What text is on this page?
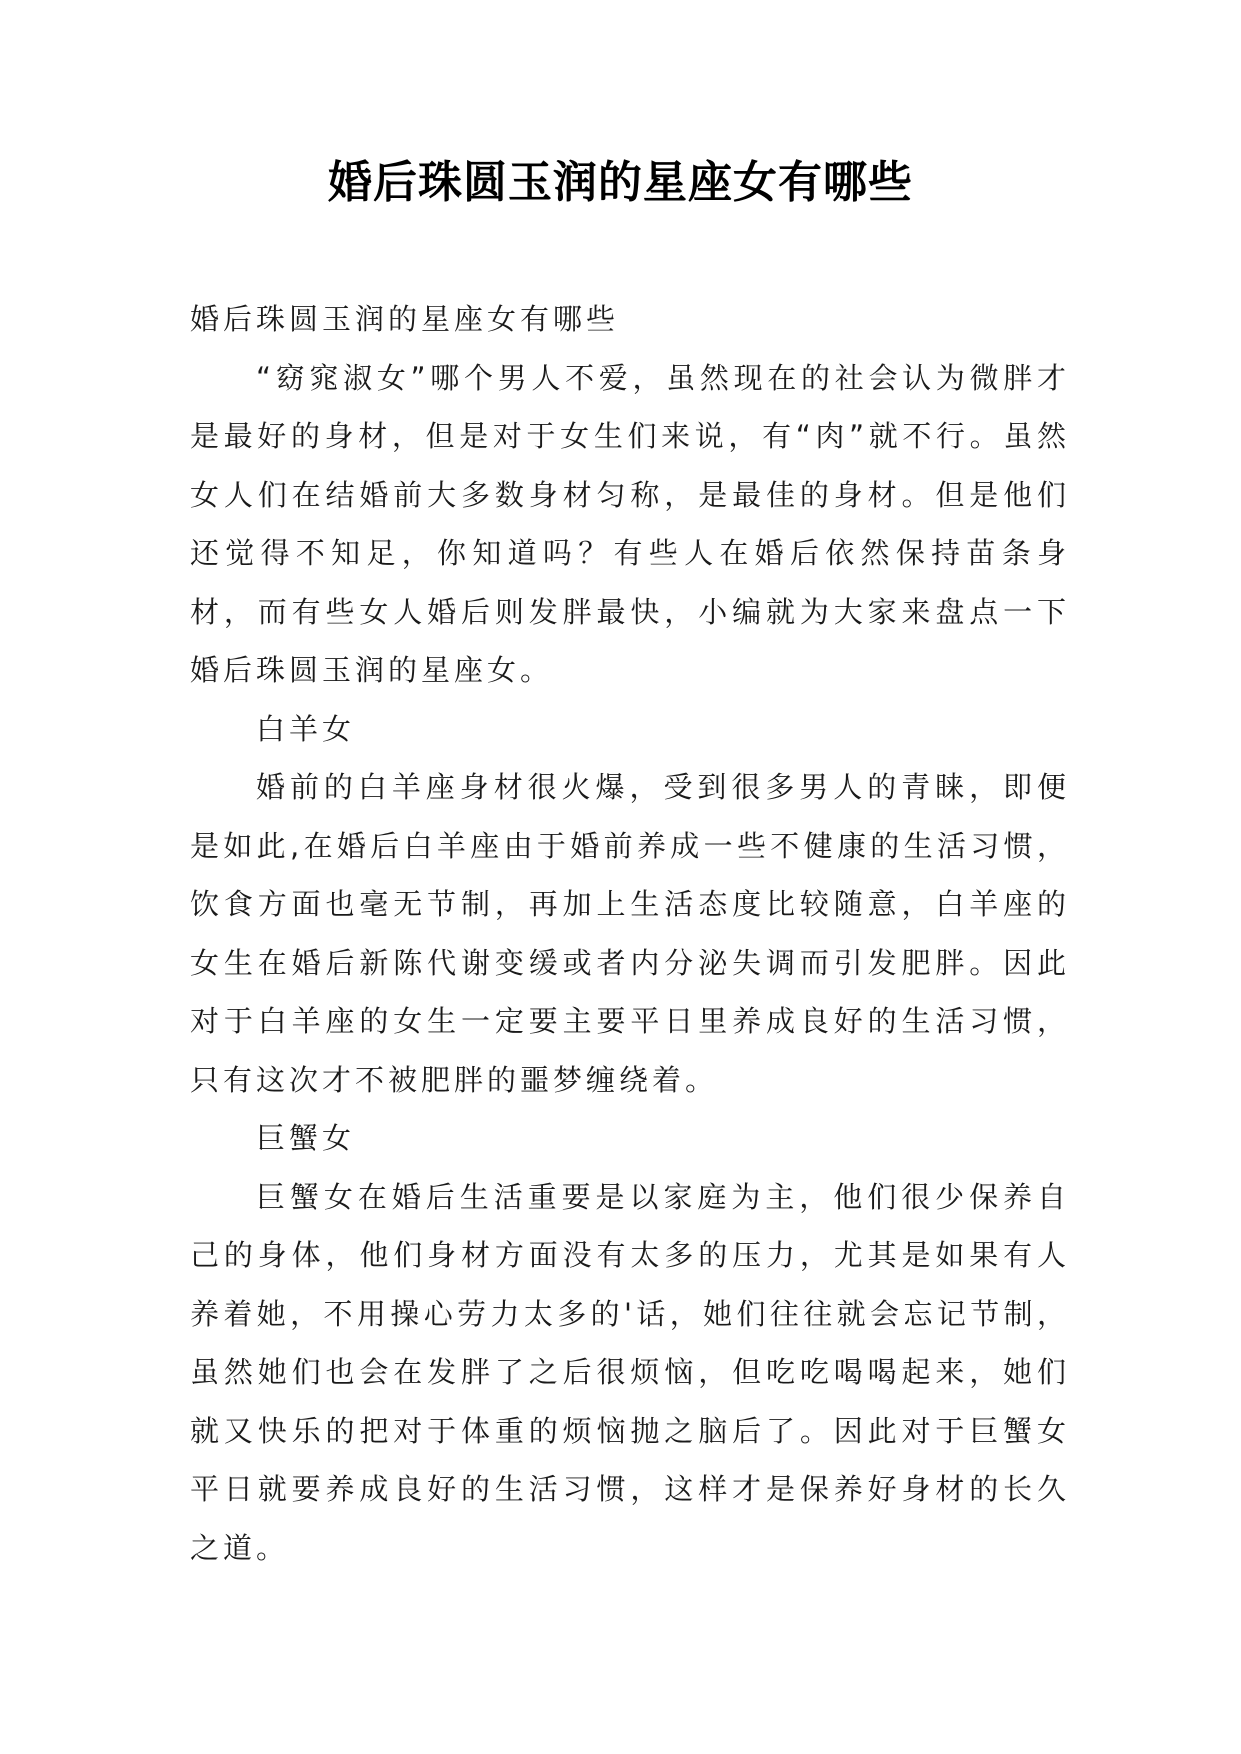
婚后珠圆玉润的星座女有哪些

婚后珠圆玉润的星座女有哪些

“窈窕淑女”哪个男人不爱，虽然现在的社会认为微胖才是最好的身材，但是对于女生们来说，有“肉”就不行。虽然女人们在结婚前大多数身材匀称，是最佳的身材。但是他们还觉得不知足，你知道吗？有些人在婚后依然保持苗条身材，而有些女人婚后则发胖最快，小编就为大家来盘点一下婚后珠圆玉润的星座女。

白羊女

婚前的白羊座身材很火爆，受到很多男人的青睐，即便是如此,在婚后白羊座由于婚前养成一些不健康的生活习惯，饮食方面也毫无节制，再加上生活态度比较随意，白羊座的女生在婚后新陈代谢变缓或者内分泌失调而引发肥胖。因此对于白羊座的女生一定要主要平日里养成良好的生活习惯，只有这次才不被肥胖的噩梦缠绕着。

巨蟹女

巨蟹女在婚后生活重要是以家庭为主，他们很少保养自己的身体，他们身材方面没有太多的压力，尤其是如果有人养着她，不用操心劳力太多的'话，她们往往就会忘记节制，虽然她们也会在发胖了之后很烦恼，但吃吃喝喝起来，她们就又快乐的把对于体重的烦恼抛之脑后了。因此对于巨蟹女平日就要养成良好的生活习惯，这样才是保养好身材的长久之道。
